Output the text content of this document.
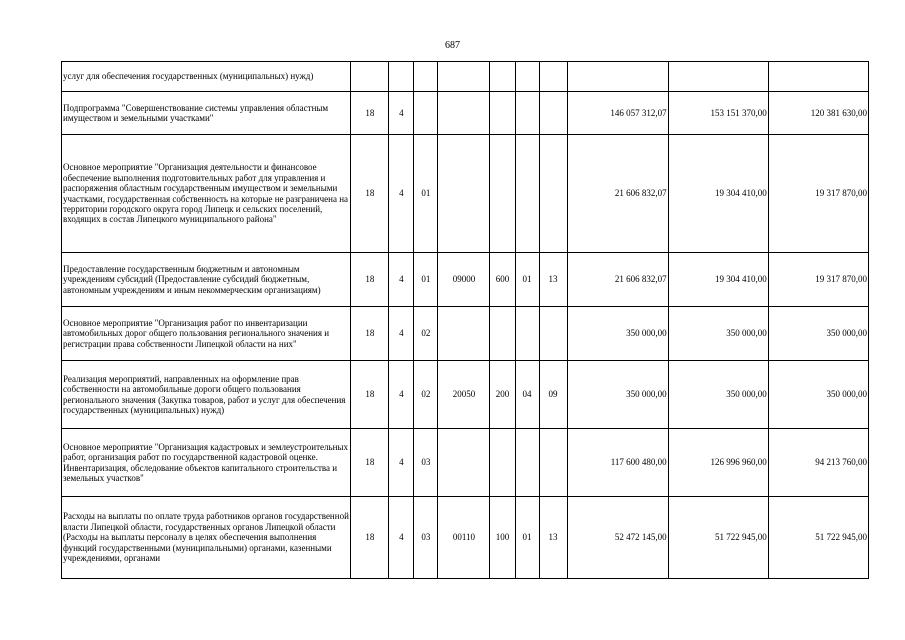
687
услуг для обеспечения государственных (муниципальных) нужд)										
Подпрограмма "Совершенствование системы управления областным имуществом и земельными участками"	18	4						146 057 312,07	153 151 370,00	120 381 630,00
Основное мероприятие "Организация деятельности и финансовое обеспечение выполнения подготовительных работ для управления и распоряжения областным государственным имуществом и земельными участками, государственная собственность на которые не разграничена на территории городского округа город Липецк и сельских поселений, входящих в состав Липецкого муниципального района"	18	4	01					21 606 832,07	19 304 410,00	19 317 870,00
Предоставление государственным бюджетным и автономным учреждениям субсидий (Предоставление субсидий бюджетным, автономным учреждениям и иным некоммерческим организациям)	18	4	01	09000	600	01	13	21 606 832,07	19 304 410,00	19 317 870,00
Основное мероприятие "Организация работ по инвентаризации автомобильных дорог общего пользования регионального значения и регистрации права собственности Липецкой области на них"	18	4	02					350 000,00	350 000,00	350 000,00
Реализация мероприятий, направленных на оформление прав собственности на автомобильные дороги общего пользования регионального значения (Закупка товаров, работ и услуг для обеспечения государственных (муниципальных) нужд)	18	4	02	20050	200	04	09	350 000,00	350 000,00	350 000,00
Основное мероприятие "Организация кадастровых и землеустроительных работ, организация работ по государственной кадастровой оценке. Инвентаризация, обследование объектов капитального строительства и земельных участков"	18	4	03					117 600 480,00	126 996 960,00	94 213 760,00
Расходы на выплаты по оплате труда работников органов государственной власти Липецкой области, государственных органов Липецкой области (Расходы на выплаты персоналу в целях обеспечения выполнения функций государственными (муниципальными) органами, казенными учреждениями, органами	18	4	03	00110	100	01	13	52 472 145,00	51 722 945,00	51 722 945,00
